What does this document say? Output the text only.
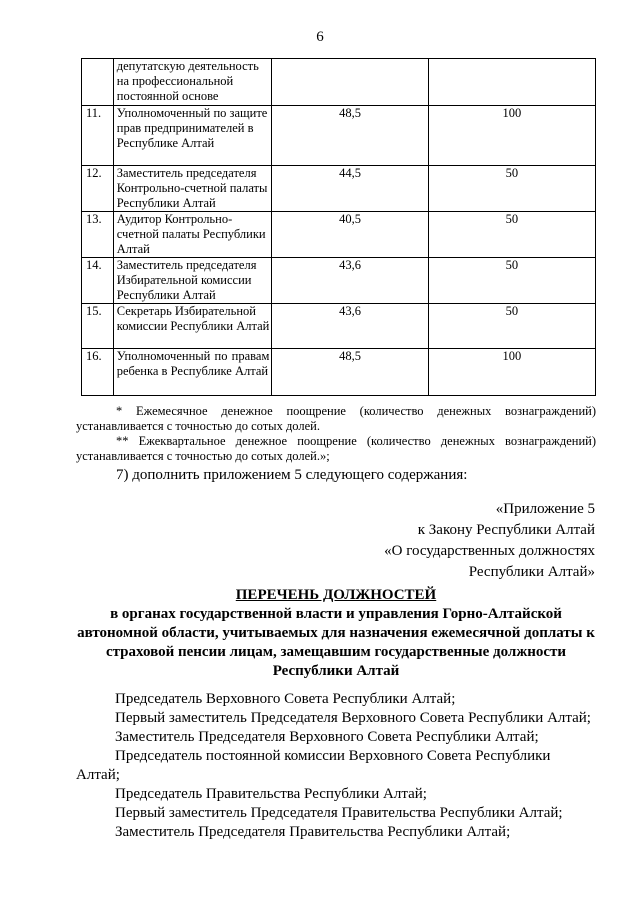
6
	депутатскую деятельность на профессиональной постоянной основе		
11.	Уполномоченный по защите прав предпринимателей в Республике Алтай	48,5	100
12.	Заместитель председателя Контрольно-счетной палаты Республики Алтай	44,5	50
13.	Аудитор Контрольно-счетной палаты Республики Алтай	40,5	50
14.	Заместитель председателя Избирательной комиссии Республики Алтай	43,6	50
15.	Секретарь Избирательной комиссии Республики Алтай	43,6	50
16.	Уполномоченный по правам ребенка в Республике Алтай	48,5	100

* Ежемесячное денежное поощрение (количество денежных вознаграждений) устанавливается с точностью до сотых долей.

** Ежеквартальное денежное поощрение (количество денежных вознаграждений) устанавливается с точностью до сотых долей.»;

7) дополнить приложением 5 следующего содержания:
«Приложение 5
к Закону Республики Алтай
«О государственных должностях
Республики Алтай»
ПЕРЕЧЕНЬ ДОЛЖНОСТЕЙ
в органах государственной власти и управления Горно-Алтайской автономной области, учитываемых для назначения ежемесячной доплаты к страховой пенсии лицам, замещавшим государственные должности Республики Алтай

Председатель Верховного Совета Республики Алтай;

Первый заместитель Председателя Верховного Совета Республики Алтай;

Заместитель Председателя Верховного Совета Республики Алтай;

Председатель постоянной комиссии Верховного Совета Республики Алтай;

Председатель Правительства Республики Алтай;

Первый заместитель Председателя Правительства Республики Алтай;

Заместитель Председателя Правительства Республики Алтай;
